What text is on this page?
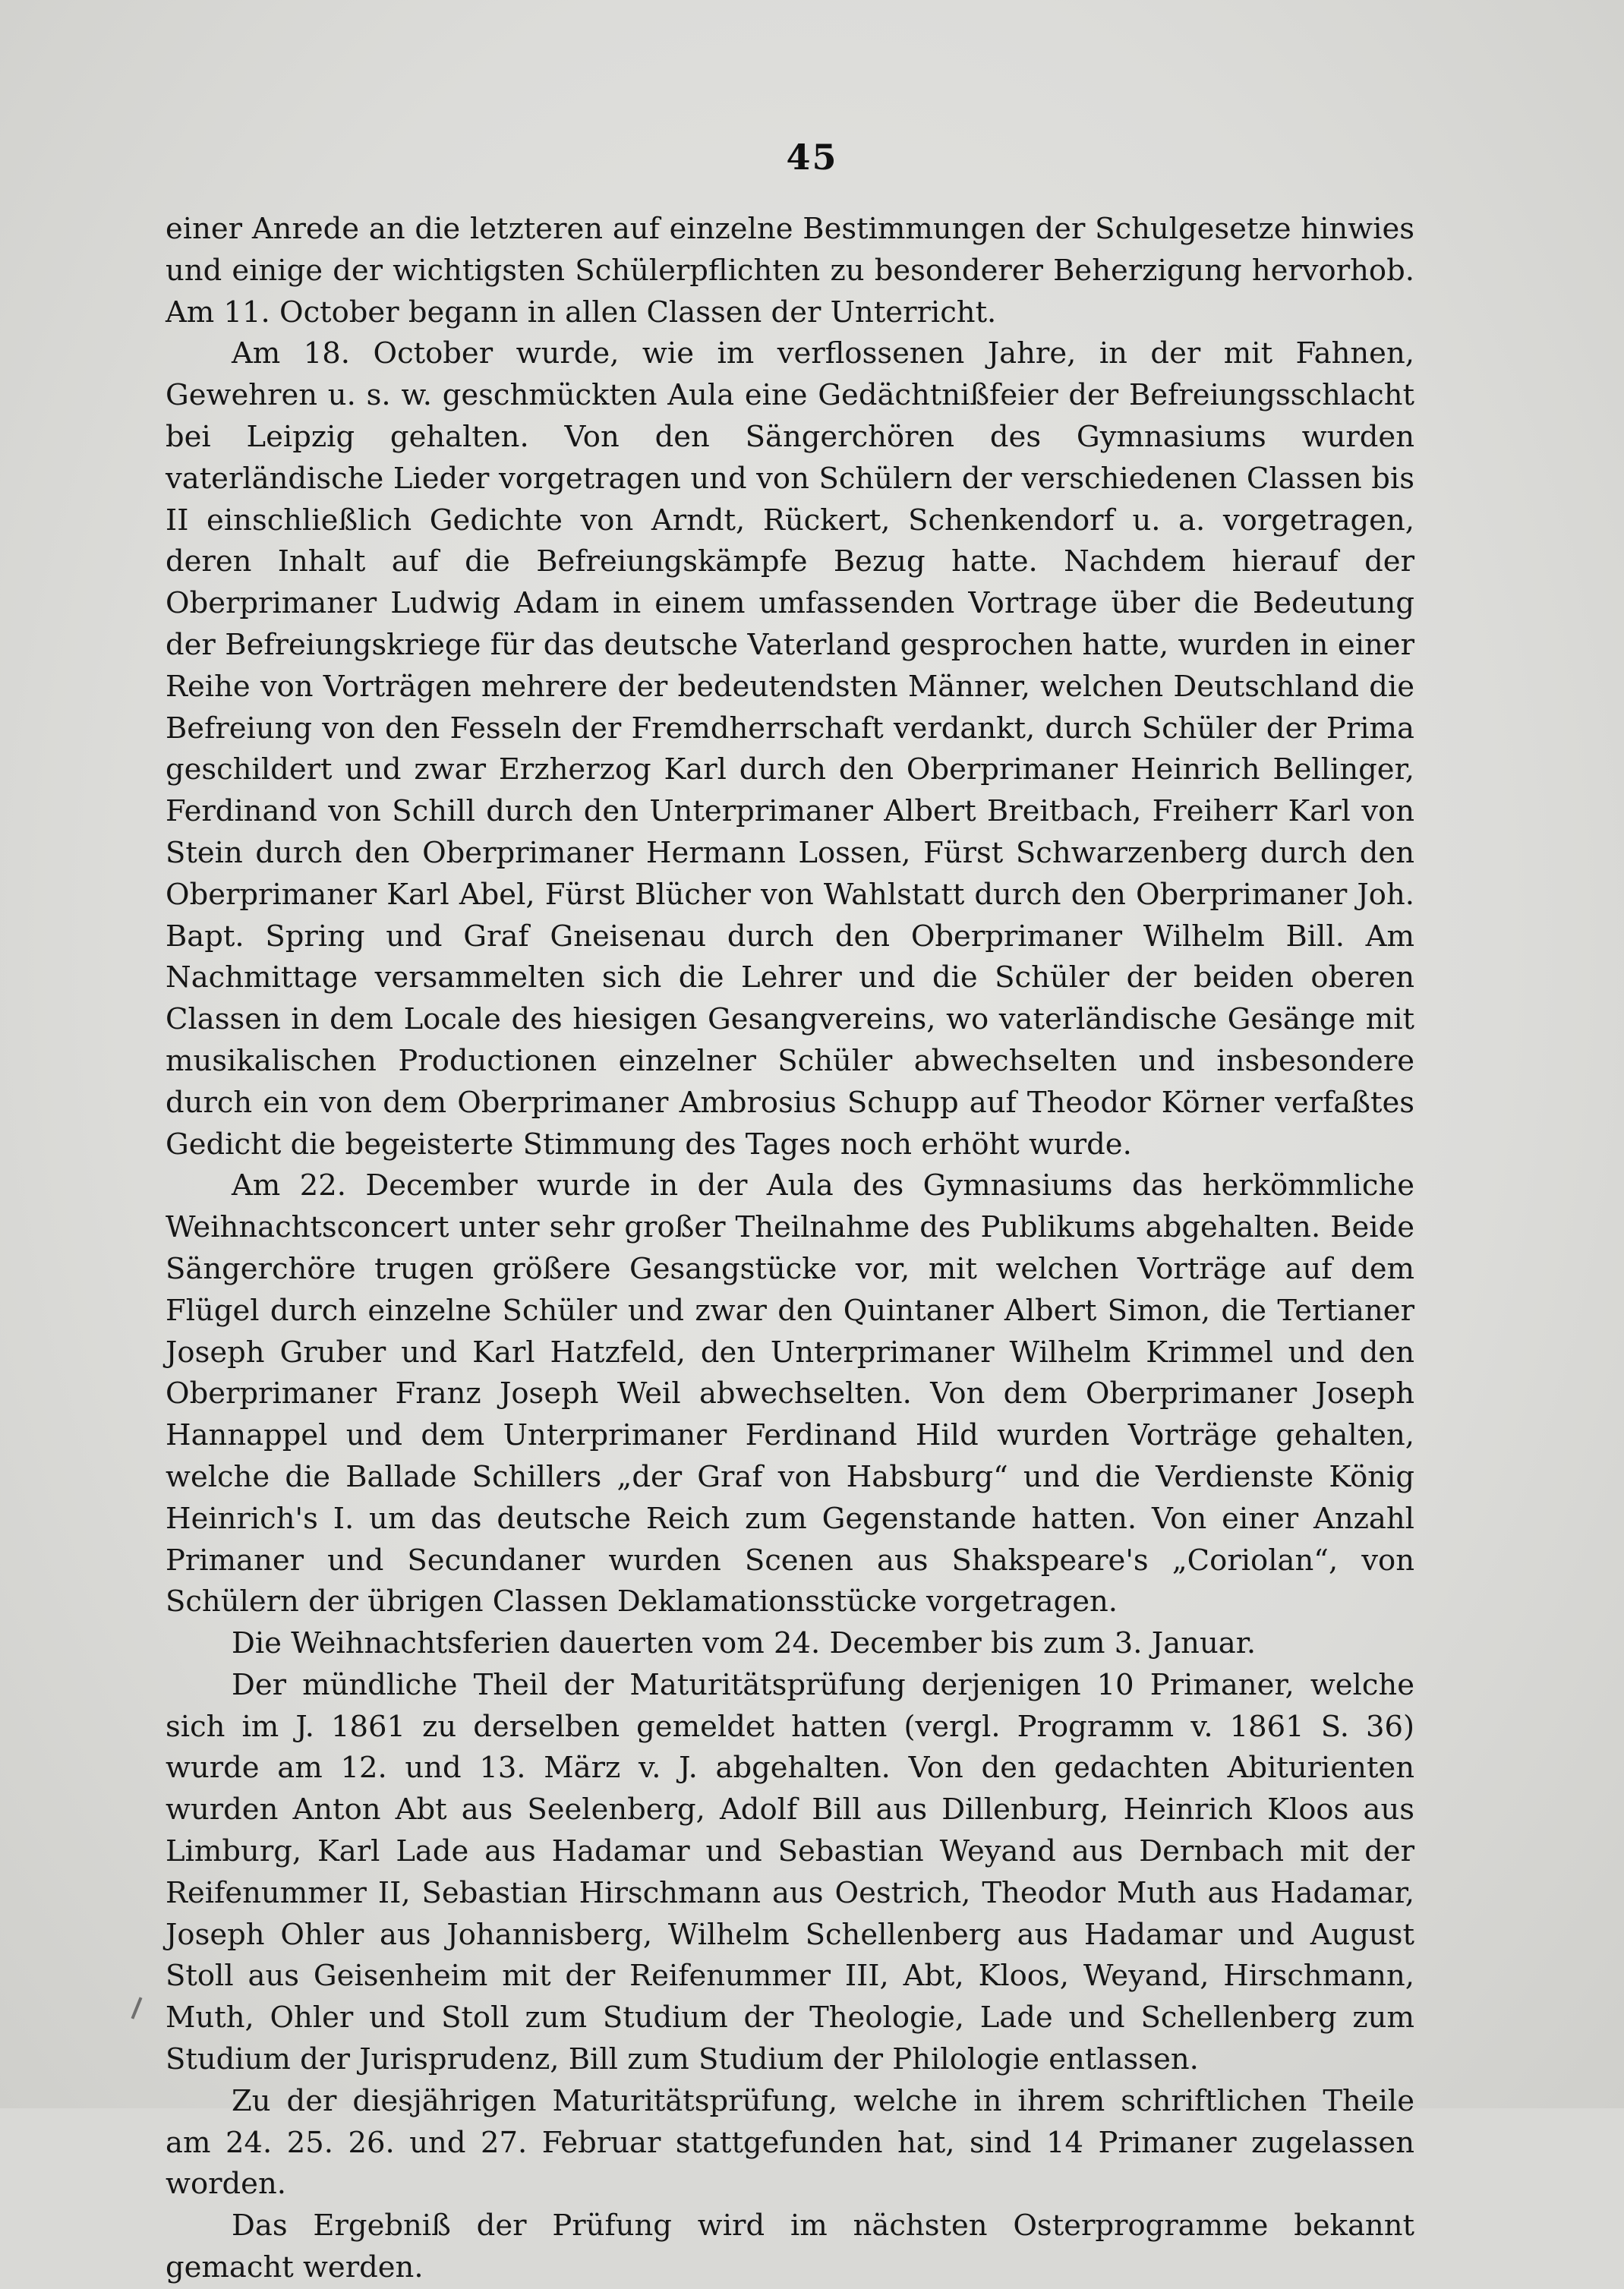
45

einer Anrede an die letzteren auf einzelne Bestimmungen der Schulgesetze hinwies und einige der wichtigsten Schülerpflichten zu besonderer Beherzigung hervorhob. Am 11. October begann in allen Classen der Unterricht.

Am 18. October wurde, wie im verflossenen Jahre, in der mit Fahnen, Gewehren u. s. w. geschmückten Aula eine Gedächtnißfeier der Befreiungsschlacht bei Leipzig gehalten. Von den Sängerchören des Gymnasiums wurden vaterländische Lieder vorgetragen und von Schülern der verschiedenen Classen bis II einschließlich Gedichte von Arndt, Rückert, Schenkendorf u. a. vorgetragen, deren Inhalt auf die Befreiungskämpfe Bezug hatte. Nachdem hierauf der Oberprimaner Ludwig Adam in einem umfassenden Vortrage über die Bedeutung der Befreiungskriege für das deutsche Vaterland gesprochen hatte, wurden in einer Reihe von Vorträgen mehrere der bedeutendsten Männer, welchen Deutschland die Befreiung von den Fesseln der Fremdherrschaft verdankt, durch Schüler der Prima geschildert und zwar Erzherzog Karl durch den Oberprimaner Heinrich Bellinger, Ferdinand von Schill durch den Unterprimaner Albert Breitbach, Freiherr Karl von Stein durch den Oberprimaner Hermann Lossen, Fürst Schwarzenberg durch den Oberprimaner Karl Abel, Fürst Blücher von Wahlstatt durch den Oberprimaner Joh. Bapt. Spring und Graf Gneisenau durch den Oberprimaner Wilhelm Bill. Am Nachmittage versammelten sich die Lehrer und die Schüler der beiden oberen Classen in dem Locale des hiesigen Gesangvereins, wo vaterländische Gesänge mit musikalischen Productionen einzelner Schüler abwechselten und insbesondere durch ein von dem Oberprimaner Ambrosius Schupp auf Theodor Körner verfaßtes Gedicht die begeisterte Stimmung des Tages noch erhöht wurde.

Am 22. December wurde in der Aula des Gymnasiums das herkömmliche Weihnachtsconcert unter sehr großer Theilnahme des Publikums abgehalten. Beide Sängerchöre trugen größere Gesangstücke vor, mit welchen Vorträge auf dem Flügel durch einzelne Schüler und zwar den Quintaner Albert Simon, die Tertianer Joseph Gruber und Karl Hatzfeld, den Unterprimaner Wilhelm Krimmel und den Oberprimaner Franz Joseph Weil abwechselten. Von dem Oberprimaner Joseph Hannappel und dem Unterprimaner Ferdinand Hild wurden Vorträge gehalten, welche die Ballade Schillers „der Graf von Habsburg“ und die Verdienste König Heinrich's I. um das deutsche Reich zum Gegenstande hatten. Von einer Anzahl Primaner und Secundaner wurden Scenen aus Shakspeare's „Coriolan“, von Schülern der übrigen Classen Deklamationsstücke vorgetragen.

Die Weihnachtsferien dauerten vom 24. December bis zum 3. Januar.

Der mündliche Theil der Maturitätsprüfung derjenigen 10 Primaner, welche sich im J. 1861 zu derselben gemeldet hatten (vergl. Programm v. 1861 S. 36) wurde am 12. und 13. März v. J. abgehalten. Von den gedachten Abiturienten wurden Anton Abt aus Seelenberg, Adolf Bill aus Dillenburg, Heinrich Kloos aus Limburg, Karl Lade aus Hadamar und Sebastian Weyand aus Dernbach mit der Reifenummer II, Sebastian Hirschmann aus Oestrich, Theodor Muth aus Hadamar, Joseph Ohler aus Johannisberg, Wilhelm Schellenberg aus Hadamar und August Stoll aus Geisenheim mit der Reifenummer III, Abt, Kloos, Weyand, Hirschmann, Muth, Ohler und Stoll zum Studium der Theologie, Lade und Schellenberg zum Studium der Jurisprudenz, Bill zum Studium der Philologie entlassen.

Zu der diesjährigen Maturitätsprüfung, welche in ihrem schriftlichen Theile am 24. 25. 26. und 27. Februar stattgefunden hat, sind 14 Primaner zugelassen worden.

Das Ergebniß der Prüfung wird im nächsten Osterprogramme bekannt gemacht werden.
